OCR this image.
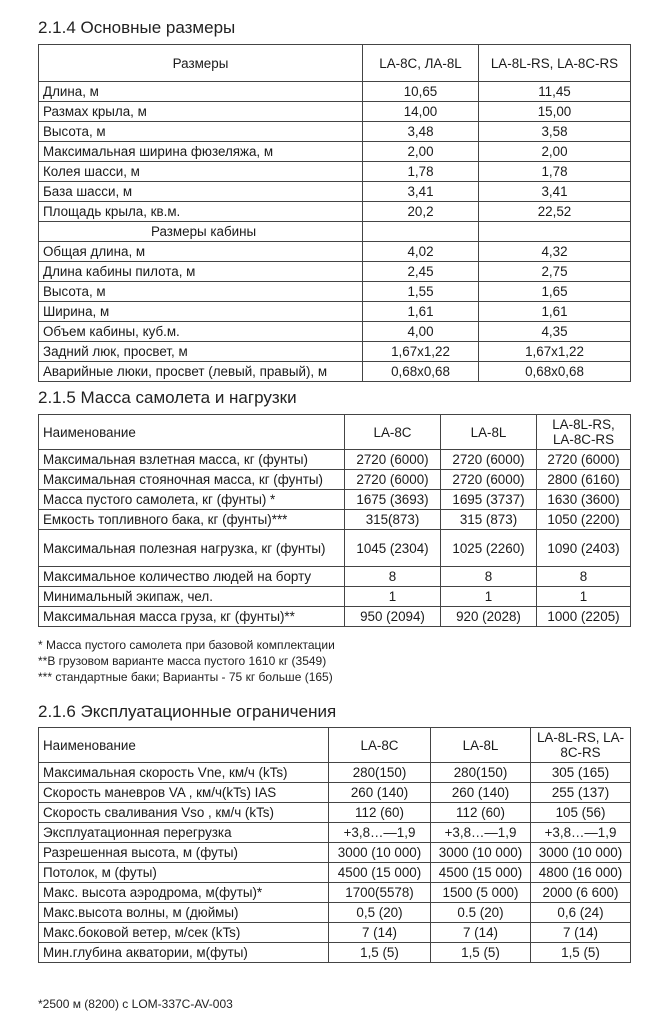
2.1.4 Основные размеры
Размеры	LA-8C, ЛА-8L	LA-8L-RS, LA-8C-RS
Длина, м	10,65	11,45
Размах крыла, м	14,00	15,00
Высота, м	3,48	3,58
Максимальная ширина фюзеляжа, м	2,00	2,00
Колея шасси, м	1,78	1,78
База шасси, м	3,41	3,41
Площадь крыла, кв.м.	20,2	22,52
Размеры кабины		
Общая длина, м	4,02	4,32
Длина кабины пилота, м	2,45	2,75
Высота, м	1,55	1,65
Ширина, м	1,61	1,61
Объем кабины, куб.м.	4,00	4,35
Задний люк, просвет, м	1,67x1,22	1,67x1,22
Аварийные люки, просвет (левый, правый), м	0,68x0,68	0,68x0,68
2.1.5 Масса самолета и нагрузки
Наименование	LA-8C	LA-8L	LA-8L-RS, LA-8C-RS
Максимальная взлетная масса, кг (фунты)	2720 (6000)	2720 (6000)	2720 (6000)
Максимальная стояночная масса, кг (фунты)	2720 (6000)	2720 (6000)	2800 (6160)
Масса пустого самолета, кг (фунты) *	1675 (3693)	1695 (3737)	1630 (3600)
Емкость топливного бака, кг (фунты)***	315(873)	315 (873)	1050 (2200)
Максимальная полезная нагрузка, кг (фунты)	1045 (2304)	1025 (2260)	1090 (2403)
Максимальное количество людей на борту	8	8	8
Минимальный экипаж, чел.	1	1	1
Максимальная масса груза, кг (фунты)**	950 (2094)	920 (2028)	1000 (2205)
* Масса пустого самолета при базовой комплектации
**В грузовом варианте масса пустого 1610 кг (3549)
*** стандартные баки; Варианты - 75 кг больше (165)
2.1.6 Эксплуатационные ограничения
Наименование	LA-8C	LA-8L	LA-8L-RS, LA-8C-RS
Максимальная скорость Vne, км/ч (kTs)	280(150)	280(150)	305 (165)
Скорость маневров VA , км/ч(kTs) IAS	260 (140)	260 (140)	255 (137)
Скорость сваливания Vso , км/ч (kTs)	112 (60)	112 (60)	105 (56)
Эксплуатационная перегрузка	+3,8…—1,9	+3,8…—1,9	+3,8…—1,9
Разрешенная высота, м (футы)	3000 (10 000)	3000 (10 000)	3000 (10 000)
Потолок, м (футы)	4500 (15 000)	4500 (15 000)	4800 (16 000)
Макс. высота аэродрома, м(футы)*	1700(5578)	1500 (5 000)	2000 (6 600)
Макс.высота волны, м (дюймы)	0,5 (20)	0.5 (20)	0,6 (24)
Макс.боковой ветер, м/сек (kTs)	7 (14)	7 (14)	7 (14)
Мин.глубина акватории, м(футы)	1,5 (5)	1,5 (5)	1,5 (5)
*2500 м (8200) с LOM-337C-AV-003
